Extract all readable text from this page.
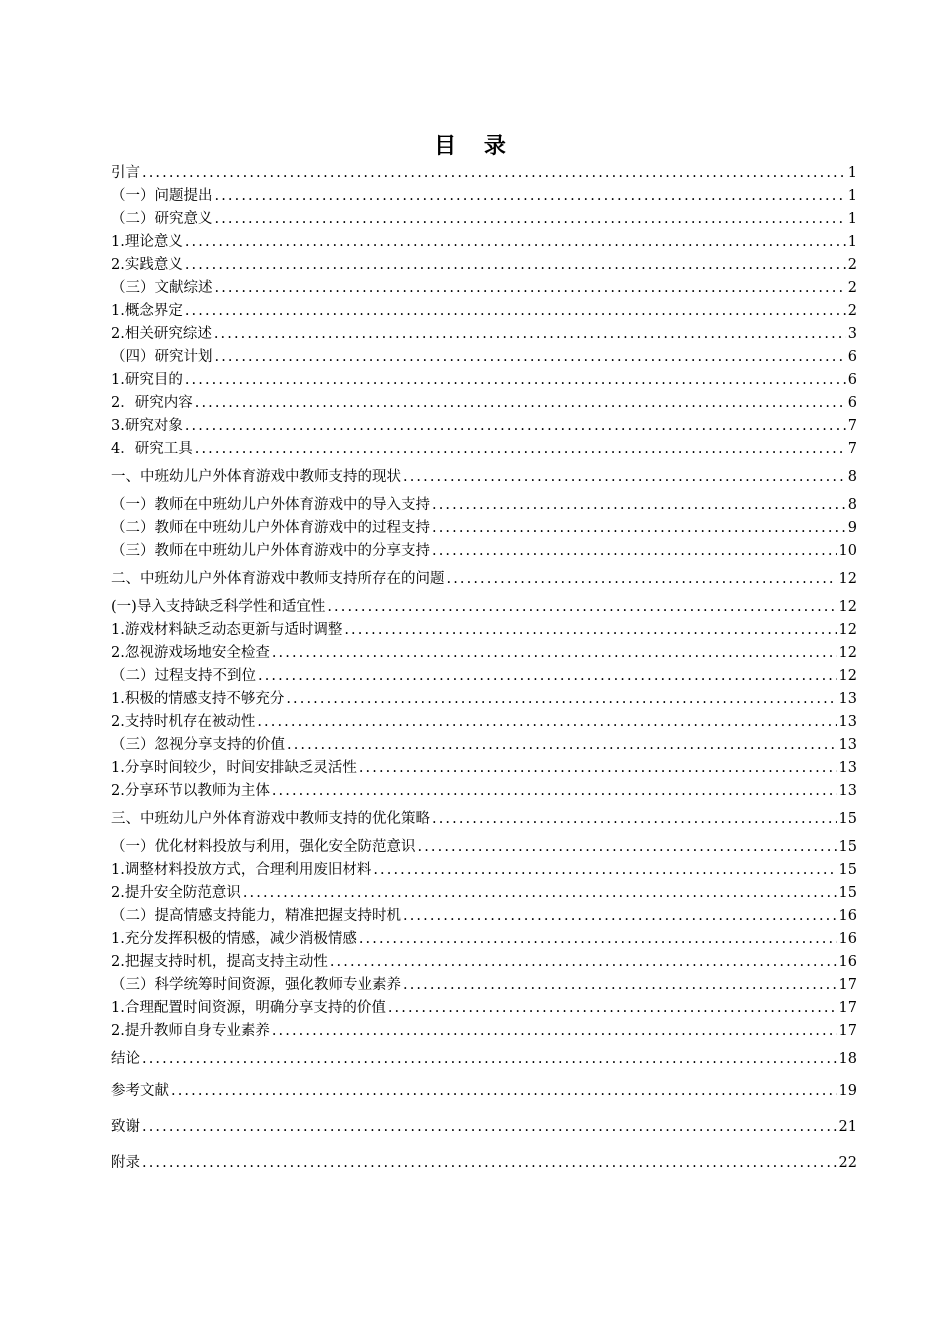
目 录
引言 .....	1
（一）问题提出 .....	1
（二）研究意义 .....	1
1.理论意义 .....	1
2.实践意义 .....	2
（三）文献综述 .....	2
1.概念界定 .....	2
2.相关研究综述 .....	3
（四）研究计划 .....	6
1.研究目的 .....	6
2．研究内容 .....	6
3.研究对象 .....	7
4．研究工具 .....	7
一、中班幼儿户外体育游戏中教师支持的现状 .....	8
（一）教师在中班幼儿户外体育游戏中的导入支持 .....	8
（二）教师在中班幼儿户外体育游戏中的过程支持 .....	9
（三）教师在中班幼儿户外体育游戏中的分享支持 .....	10
二、中班幼儿户外体育游戏中教师支持所存在的问题 .....	12
(一)导入支持缺乏科学性和适宜性 .....	12
1.游戏材料缺乏动态更新与适时调整 .....	12
2.忽视游戏场地安全检查 .....	12
（二）过程支持不到位 .....	12
1.积极的情感支持不够充分 .....	13
2.支持时机存在被动性 .....	13
（三）忽视分享支持的价值 .....	13
1.分享时间较少，时间安排缺乏灵活性 .....	13
2.分享环节以教师为主体 .....	13
三、中班幼儿户外体育游戏中教师支持的优化策略 .....	15
（一）优化材料投放与利用，强化安全防范意识 .....	15
1.调整材料投放方式，合理利用废旧材料 .....	15
2.提升安全防范意识 .....	15
（二）提高情感支持能力，精准把握支持时机 .....	16
1.充分发挥积极的情感，减少消极情感 .....	16
2.把握支持时机，提高支持主动性 .....	16
（三）科学统筹时间资源，强化教师专业素养 .....	17
1.合理配置时间资源，明确分享支持的价值 .....	17
2.提升教师自身专业素养 .....	17
结论 .....	18
参考文献 .....	19
致谢 .....	21
附录 .....	22
